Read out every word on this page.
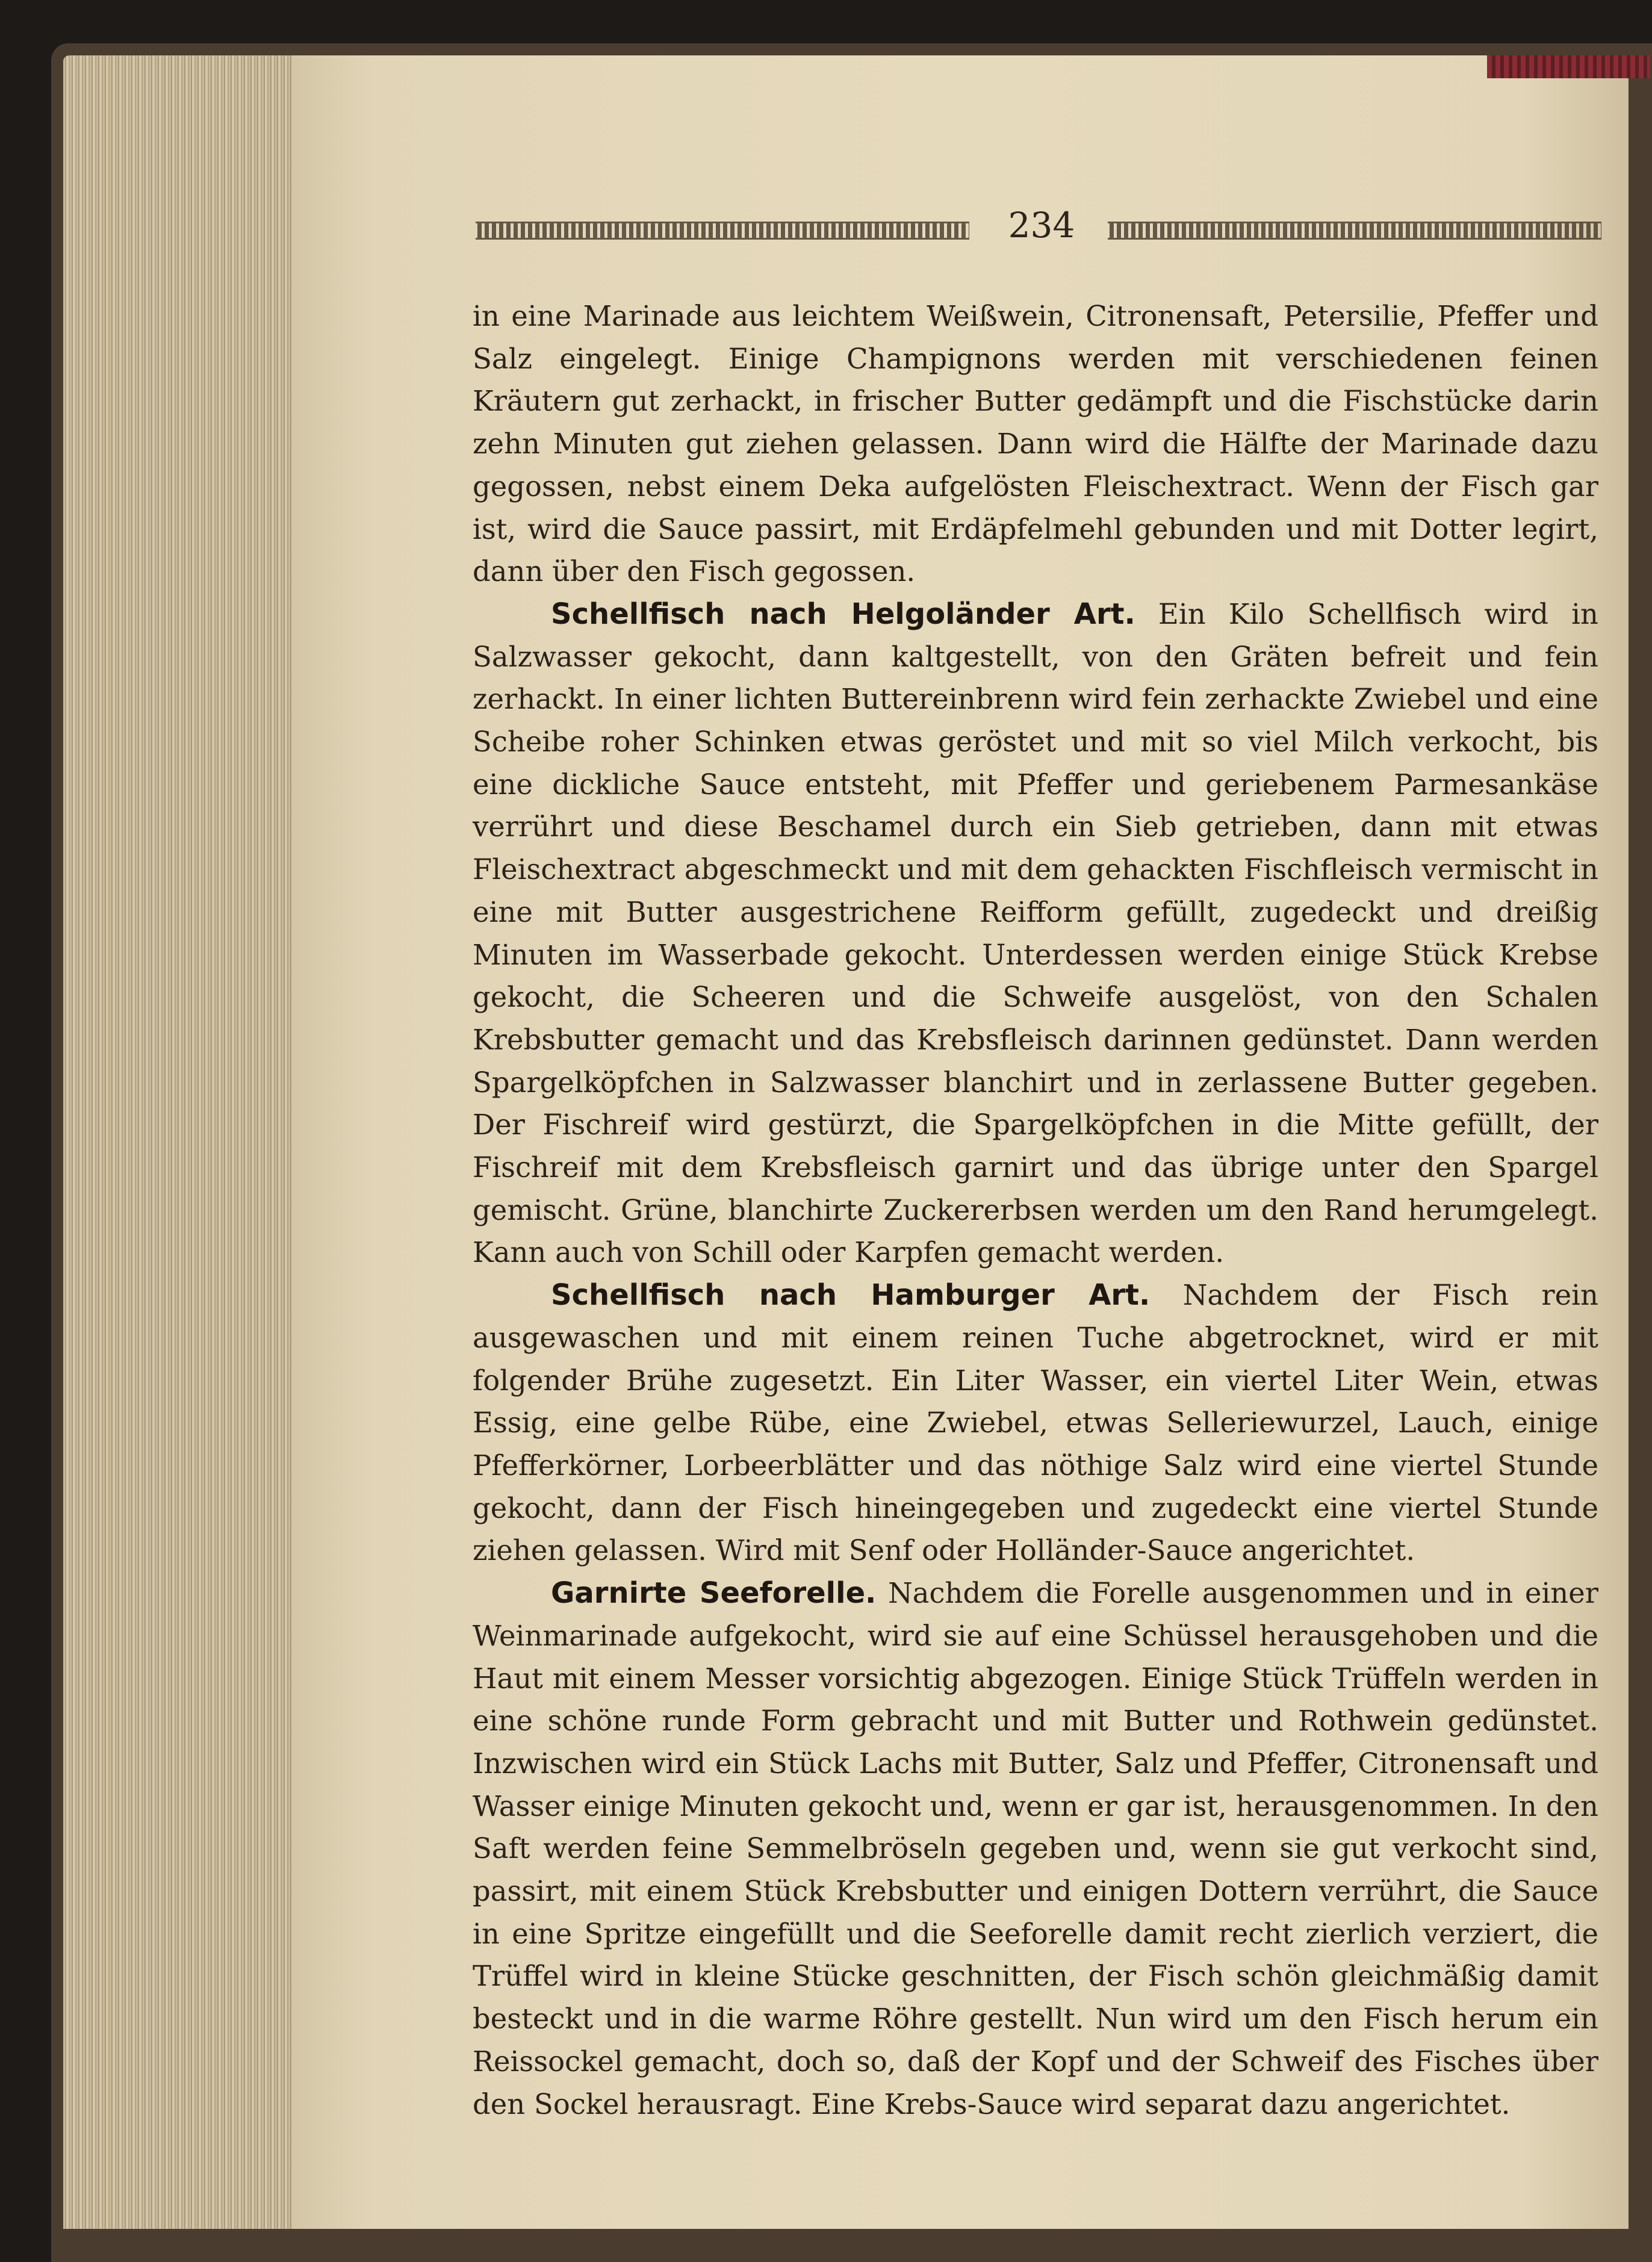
234

in eine Marinade aus leichtem Weißwein, Citronensaft, Petersilie, Pfeffer und Salz eingelegt. Einige Champignons werden mit verschiedenen feinen Kräutern gut zerhackt, in frischer Butter gedämpft und die Fischstücke darin zehn Minuten gut ziehen gelassen. Dann wird die Hälfte der Marinade dazu gegossen, nebst einem Deka aufgelösten Fleischextract. Wenn der Fisch gar ist, wird die Sauce passirt, mit Erdäpfelmehl gebunden und mit Dotter legirt, dann über den Fisch gegossen.

Schellfisch nach Helgoländer Art. Ein Kilo Schellfisch wird in Salzwasser gekocht, dann kaltgestellt, von den Gräten befreit und fein zerhackt. In einer lichten Buttereinbrenn wird fein zerhackte Zwiebel und eine Scheibe roher Schinken etwas geröstet und mit so viel Milch verkocht, bis eine dickliche Sauce entsteht, mit Pfeffer und geriebenem Parmesankäse verrührt und diese Beschamel durch ein Sieb getrieben, dann mit etwas Fleischextract abgeschmeckt und mit dem gehackten Fischfleisch vermischt in eine mit Butter ausgestrichene Reifform gefüllt, zugedeckt und dreißig Minuten im Wasserbade gekocht. Unterdessen werden einige Stück Krebse gekocht, die Scheeren und die Schweife ausgelöst, von den Schalen Krebsbutter gemacht und das Krebsfleisch darinnen gedünstet. Dann werden Spargelköpfchen in Salzwasser blanchirt und in zerlassene Butter gegeben. Der Fischreif wird gestürzt, die Spargelköpfchen in die Mitte gefüllt, der Fischreif mit dem Krebsfleisch garnirt und das übrige unter den Spargel gemischt. Grüne, blanchirte Zuckererbsen werden um den Rand herumgelegt. Kann auch von Schill oder Karpfen gemacht werden.

Schellfisch nach Hamburger Art. Nachdem der Fisch rein ausgewaschen und mit einem reinen Tuche abgetrocknet, wird er mit folgender Brühe zugesetzt. Ein Liter Wasser, ein viertel Liter Wein, etwas Essig, eine gelbe Rübe, eine Zwiebel, etwas Selleriewurzel, Lauch, einige Pfefferkörner, Lorbeerblätter und das nöthige Salz wird eine viertel Stunde gekocht, dann der Fisch hineingegeben und zugedeckt eine viertel Stunde ziehen gelassen. Wird mit Senf oder Holländer-Sauce angerichtet.

Garnirte Seeforelle. Nachdem die Forelle ausgenommen und in einer Weinmarinade aufgekocht, wird sie auf eine Schüssel herausgehoben und die Haut mit einem Messer vorsichtig abgezogen. Einige Stück Trüffeln werden in eine schöne runde Form gebracht und mit Butter und Rothwein gedünstet. Inzwischen wird ein Stück Lachs mit Butter, Salz und Pfeffer, Citronensaft und Wasser einige Minuten gekocht und, wenn er gar ist, herausgenommen. In den Saft werden feine Semmelbröseln gegeben und, wenn sie gut verkocht sind, passirt, mit einem Stück Krebsbutter und einigen Dottern verrührt, die Sauce in eine Spritze eingefüllt und die Seeforelle damit recht zierlich verziert, die Trüffel wird in kleine Stücke geschnitten, der Fisch schön gleichmäßig damit besteckt und in die warme Röhre gestellt. Nun wird um den Fisch herum ein Reissockel gemacht, doch so, daß der Kopf und der Schweif des Fisches über den Sockel herausragt. Eine Krebs-Sauce wird separat dazu angerichtet.
